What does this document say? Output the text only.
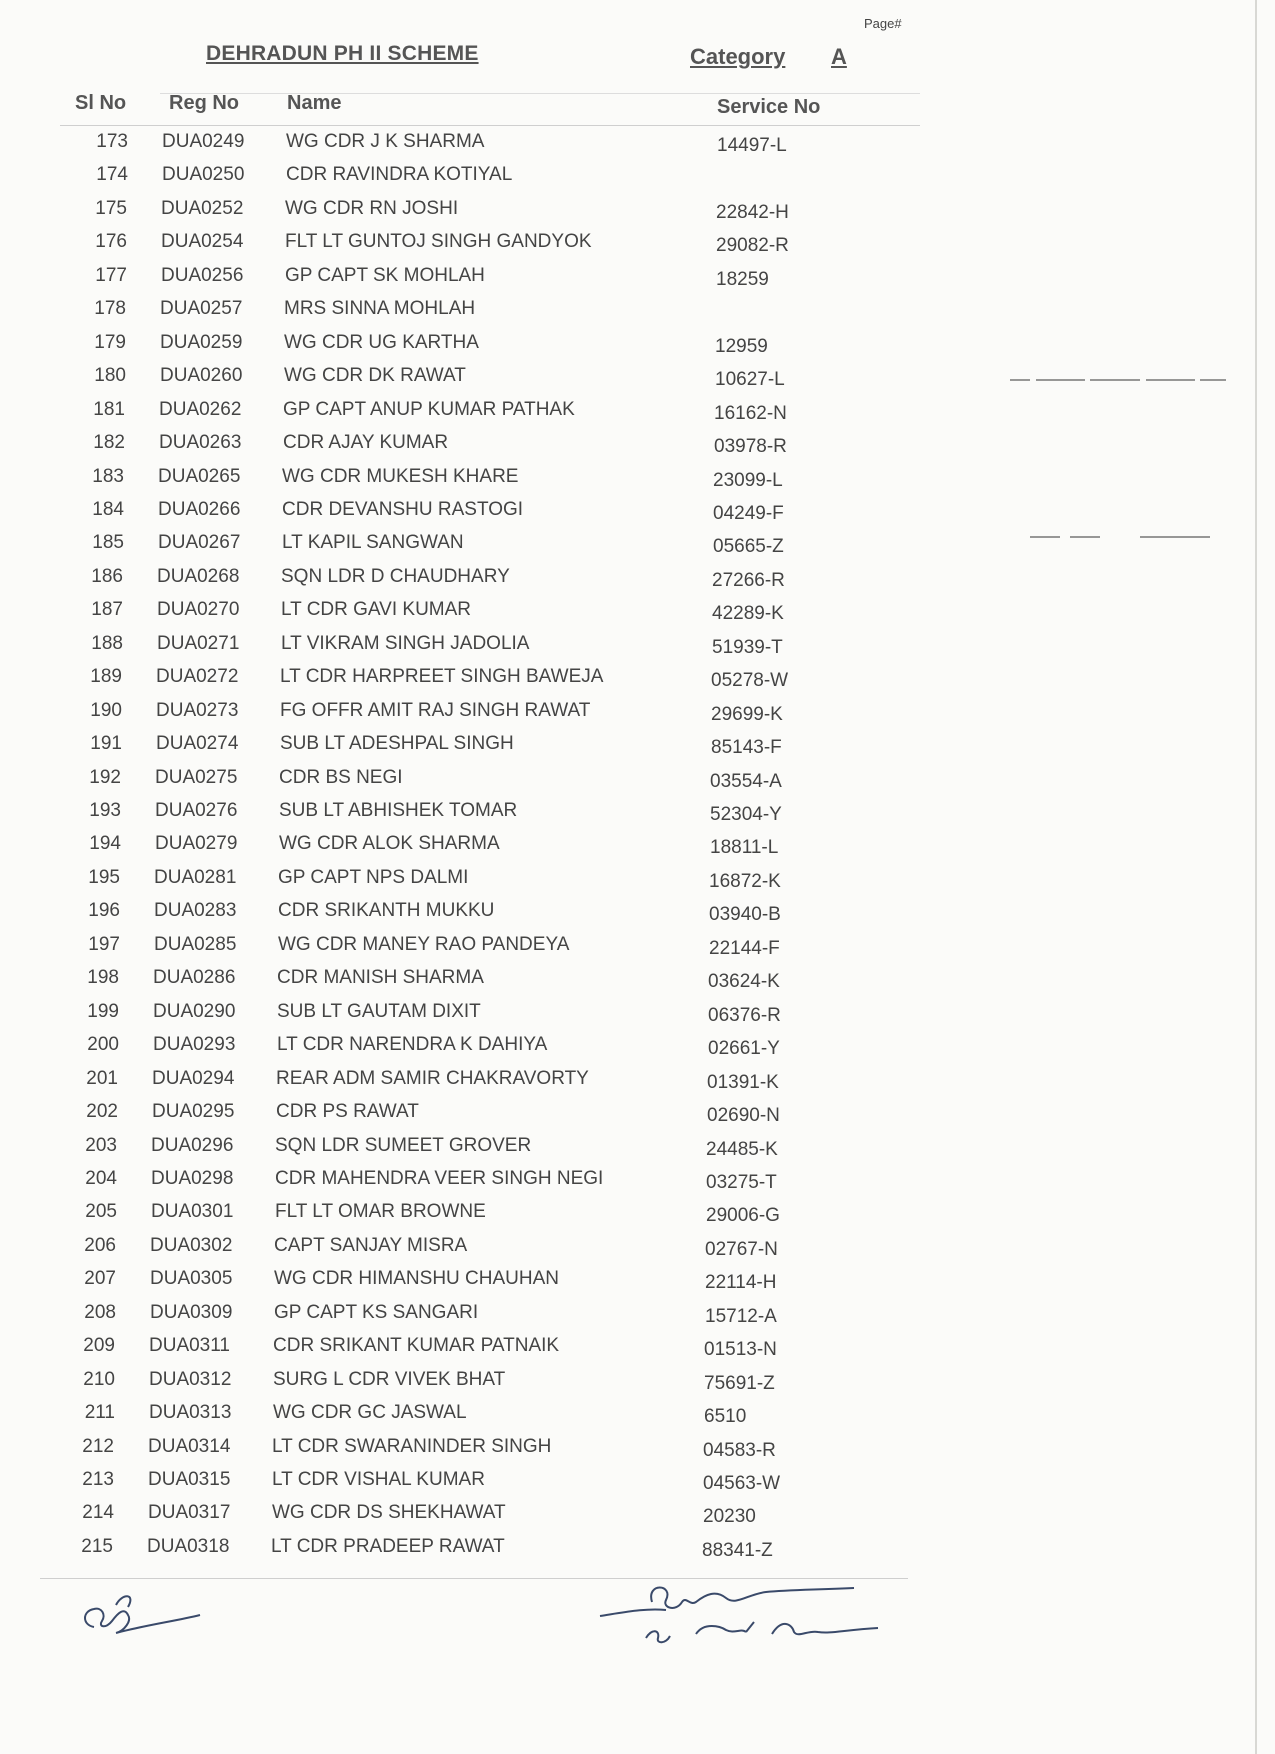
Page#
DEHRADUN PH II SCHEME	Category A
Sl No Reg No Name	Service No
173 DUA0249 WG CDR J K SHARMA	14497-L
174 DUA0250 CDR RAVINDRA KOTIYAL
175 DUA0252 WG CDR RN JOSHI	22842-H
176 DUA0254 FLT LT GUNTOJ SINGH GANDYOK	29082-R
177 DUA0256 GP CAPT SK MOHLAH	18259
178 DUA0257 MRS SINNA MOHLAH
179 DUA0259 WG CDR UG KARTHA	12959
180 DUA0260 WG CDR DK RAWAT	10627-L
181 DUA0262 GP CAPT ANUP KUMAR PATHAK	16162-N
182 DUA0263 CDR AJAY KUMAR	03978-R
183 DUA0265 WG CDR MUKESH KHARE	23099-L
184 DUA0266 CDR DEVANSHU RASTOGI	04249-F
185 DUA0267 LT KAPIL SANGWAN	05665-Z
186 DUA0268 SQN LDR D CHAUDHARY	27266-R
187 DUA0270 LT CDR GAVI KUMAR	42289-K
188 DUA0271 LT VIKRAM SINGH JADOLIA	51939-T
189 DUA0272 LT CDR HARPREET SINGH BAWEJA	05278-W
190 DUA0273 FG OFFR AMIT RAJ SINGH RAWAT	29699-K
191 DUA0274 SUB LT ADESHPAL SINGH	85143-F
192 DUA0275 CDR BS NEGI	03554-A
193 DUA0276 SUB LT ABHISHEK TOMAR	52304-Y
194 DUA0279 WG CDR ALOK SHARMA	18811-L
195 DUA0281 GP CAPT NPS DALMI	16872-K
196 DUA0283 CDR SRIKANTH MUKKU	03940-B
197 DUA0285 WG CDR MANEY RAO PANDEYA	22144-F
198 DUA0286 CDR MANISH SHARMA	03624-K
199 DUA0290 SUB LT GAUTAM DIXIT	06376-R
200 DUA0293 LT CDR NARENDRA K DAHIYA	02661-Y
201 DUA0294 REAR ADM SAMIR CHAKRAVORTY	01391-K
202 DUA0295 CDR PS RAWAT	02690-N
203 DUA0296 SQN LDR SUMEET GROVER	24485-K
204 DUA0298 CDR MAHENDRA VEER SINGH NEGI	03275-T
205 DUA0301 FLT LT OMAR BROWNE	29006-G
206 DUA0302 CAPT SANJAY MISRA	02767-N
207 DUA0305 WG CDR HIMANSHU CHAUHAN	22114-H
208 DUA0309 GP CAPT KS SANGARI	15712-A
209 DUA0311 CDR SRIKANT KUMAR PATNAIK	01513-N
210 DUA0312 SURG L CDR VIVEK BHAT	75691-Z
211 DUA0313 WG CDR GC JASWAL	6510
212 DUA0314 LT CDR SWARANINDER SINGH	04583-R
213 DUA0315 LT CDR VISHAL KUMAR	04563-W
214 DUA0317 WG CDR DS SHEKHAWAT	20230
215 DUA0318 LT CDR PRADEEP RAWAT	88341-Z
